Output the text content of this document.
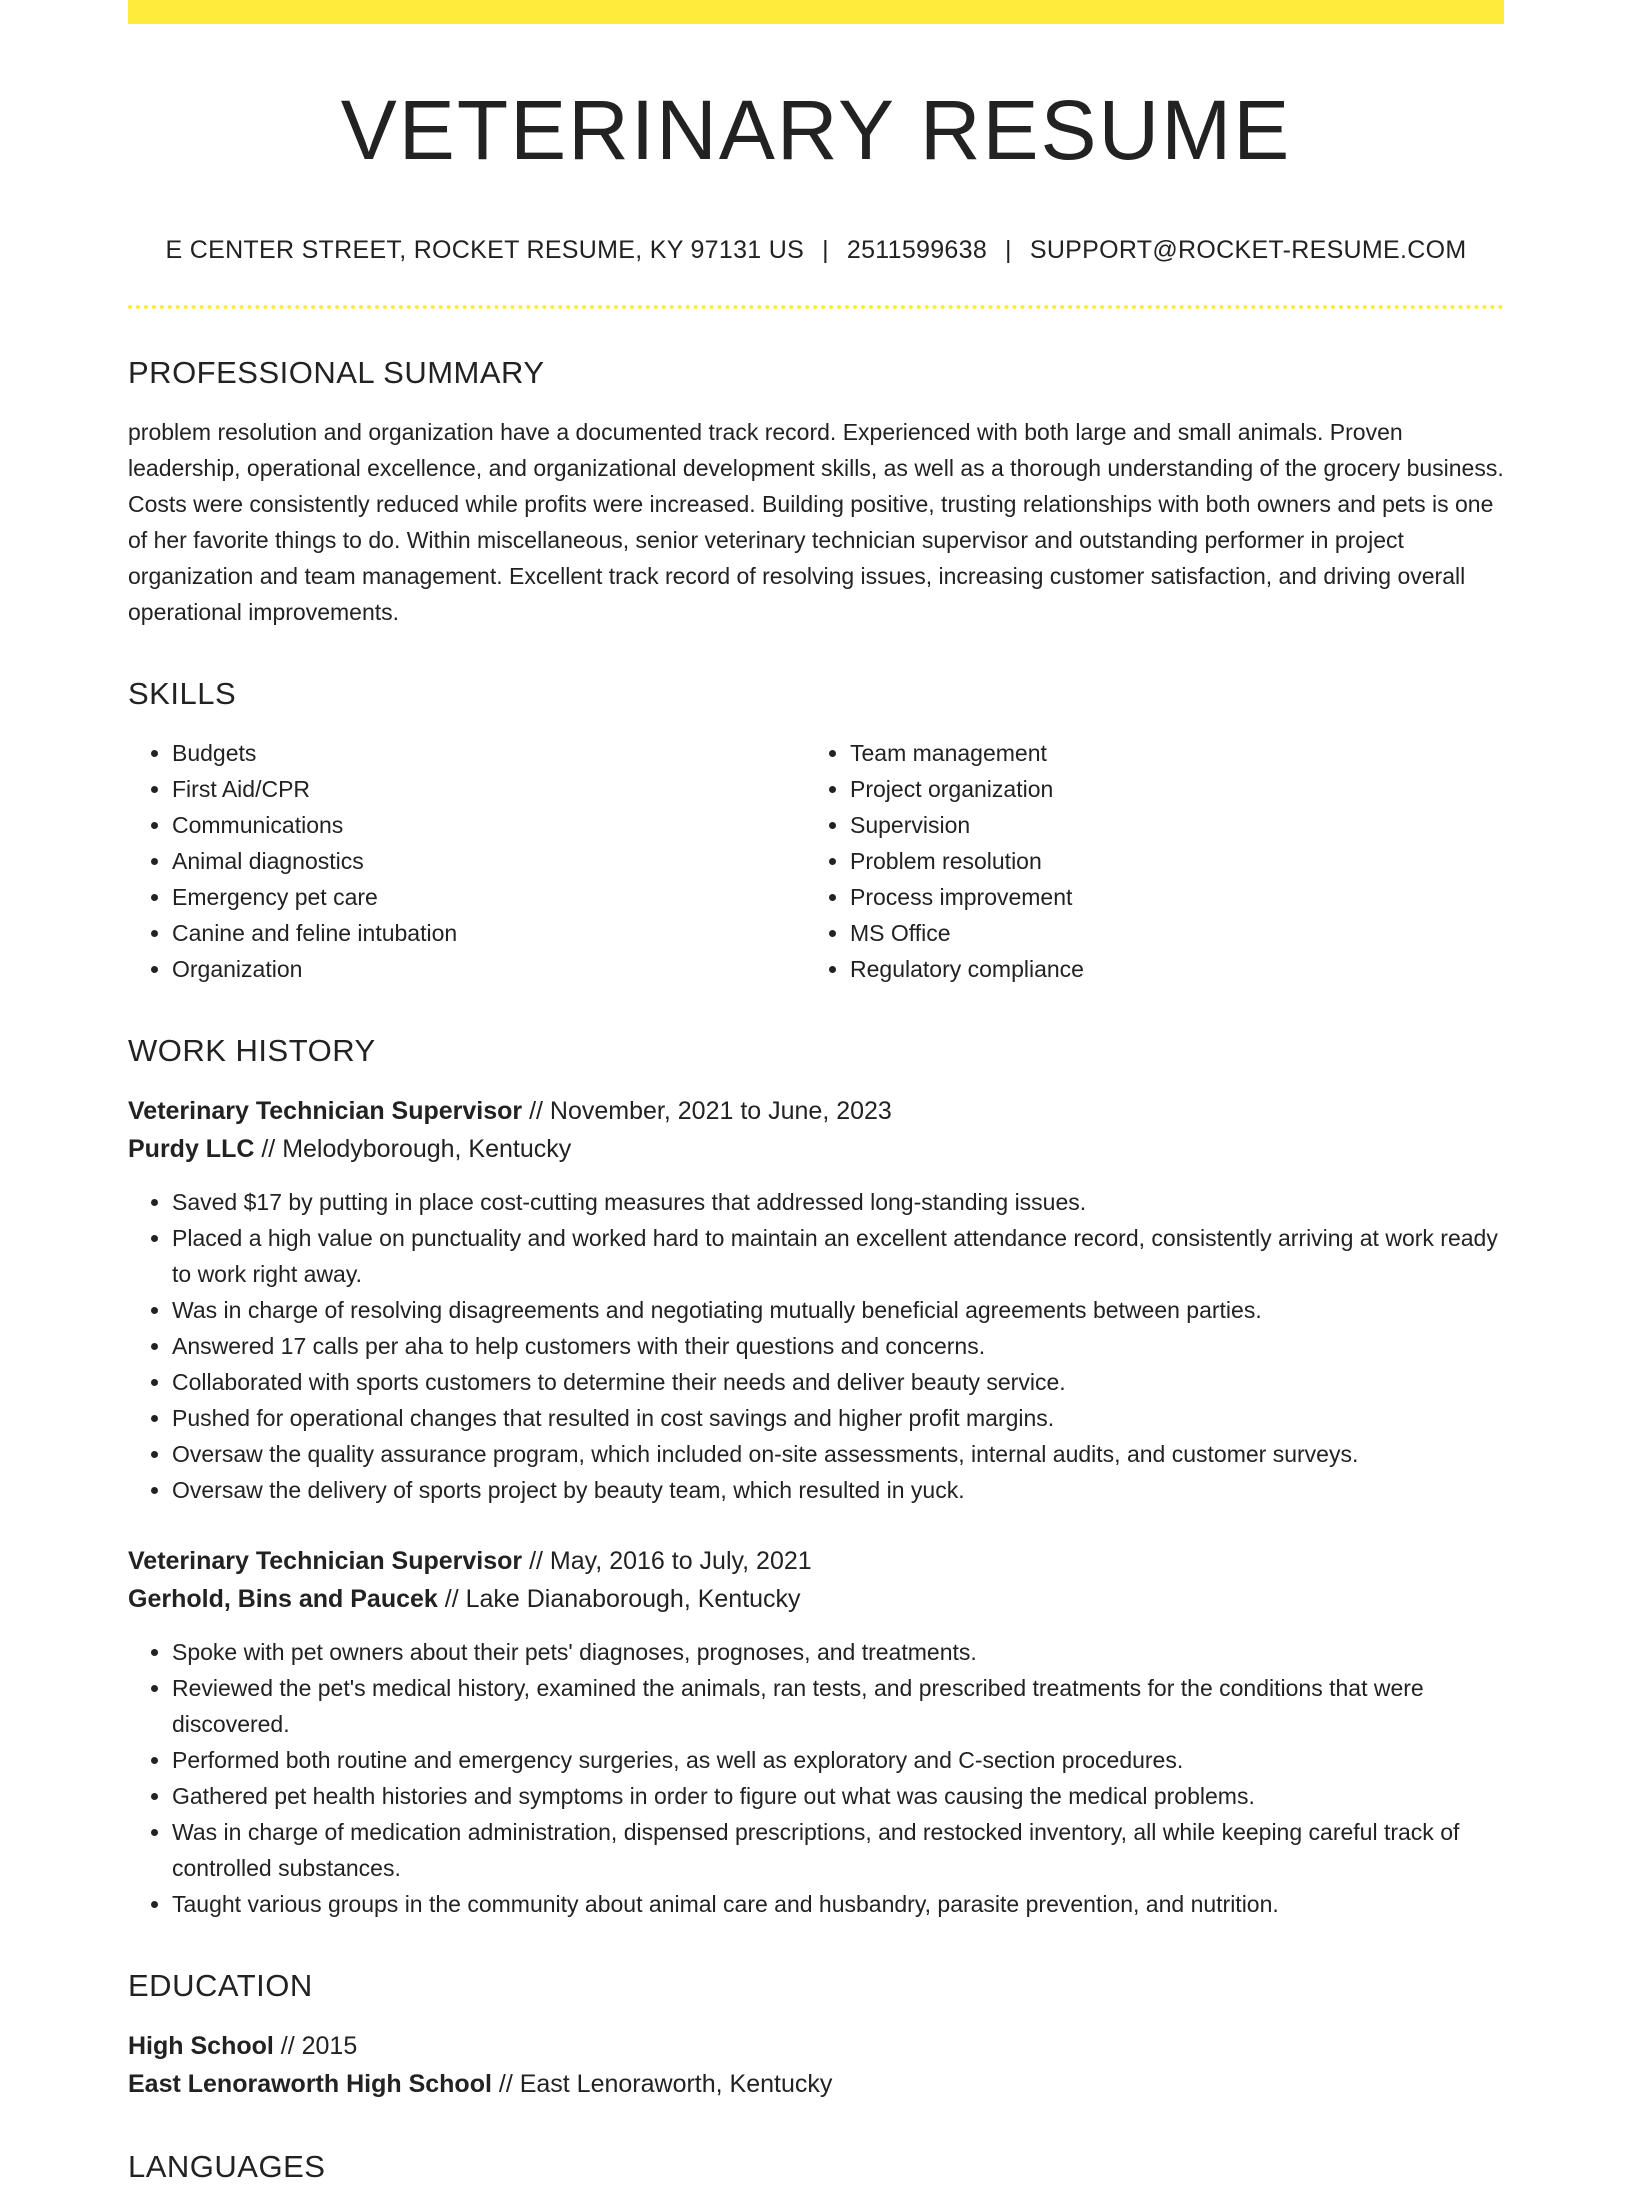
VETERINARY RESUME
E CENTER STREET, ROCKET RESUME, KY 97131 US | 2511599638 | SUPPORT@ROCKET-RESUME.COM
PROFESSIONAL SUMMARY

problem resolution and organization have a documented track record. Experienced with both large and small animals. Proven leadership, operational excellence, and organizational development skills, as well as a thorough understanding of the grocery business. Costs were consistently reduced while profits were increased. Building positive, trusting relationships with both owners and pets is one of her favorite things to do. Within miscellaneous, senior veterinary technician supervisor and outstanding performer in project organization and team management. Excellent track record of resolving issues, increasing customer satisfaction, and driving overall operational improvements.

SKILLS
• Budgets
• First Aid/CPR
• Communications
• Animal diagnostics
• Emergency pet care
• Canine and feline intubation
• Organization
• Team management
• Project organization
• Supervision
• Problem resolution
• Process improvement
• MS Office
• Regulatory compliance
WORK HISTORY
Veterinary Technician Supervisor // November, 2021 to June, 2023
Purdy LLC // Melodyborough, Kentucky
• Saved $17 by putting in place cost-cutting measures that addressed long-standing issues.
• Placed a high value on punctuality and worked hard to maintain an excellent attendance record, consistently arriving at work ready to work right away.
• Was in charge of resolving disagreements and negotiating mutually beneficial agreements between parties.
• Answered 17 calls per aha to help customers with their questions and concerns.
• Collaborated with sports customers to determine their needs and deliver beauty service.
• Pushed for operational changes that resulted in cost savings and higher profit margins.
• Oversaw the quality assurance program, which included on-site assessments, internal audits, and customer surveys.
• Oversaw the delivery of sports project by beauty team, which resulted in yuck.
Veterinary Technician Supervisor // May, 2016 to July, 2021
Gerhold, Bins and Paucek // Lake Dianaborough, Kentucky
• Spoke with pet owners about their pets' diagnoses, prognoses, and treatments.
• Reviewed the pet's medical history, examined the animals, ran tests, and prescribed treatments for the conditions that were discovered.
• Performed both routine and emergency surgeries, as well as exploratory and C-section procedures.
• Gathered pet health histories and symptoms in order to figure out what was causing the medical problems.
• Was in charge of medication administration, dispensed prescriptions, and restocked inventory, all while keeping careful track of controlled substances.
• Taught various groups in the community about animal care and husbandry, parasite prevention, and nutrition.
EDUCATION
High School // 2015
East Lenoraworth High School // East Lenoraworth, Kentucky
LANGUAGES
